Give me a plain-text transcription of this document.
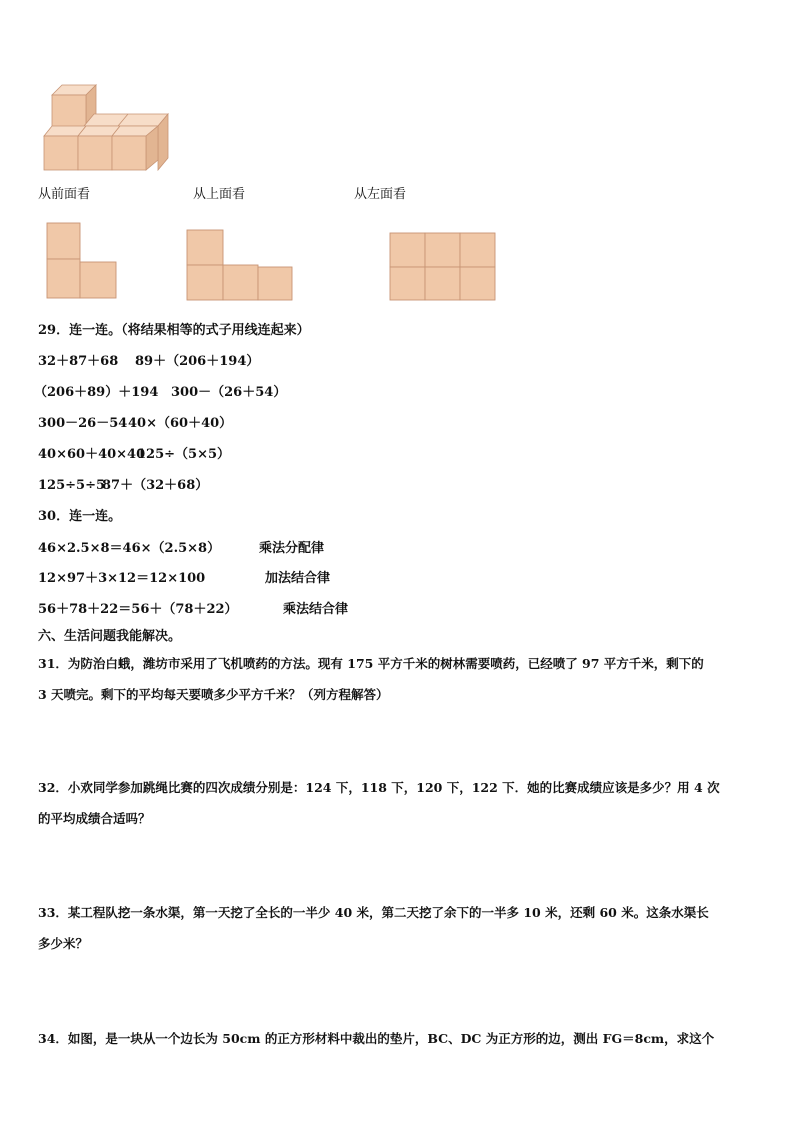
从前面看	从上面看	从左面看
29．连一连。（将结果相等的式子用线连起来）
32＋87＋68 89＋（206＋194）
（206＋89）＋194 300－（26＋54）
300－26－54 40×（60＋40）
40×60＋40×40
125÷（5×5）
125÷5÷5
87＋（32＋68）
30．连一连。
46×2.5×8＝46×（2.5×8）	乘法分配律
12×97＋3×12＝12×100	加法结合律
56＋78＋22＝56＋（78＋22）	乘法结合律
六、生活问题我能解决。
31．为防治白蛾，潍坊市采用了飞机喷药的方法。现有 175 平方千米的树林需要喷药，已经喷了 97 平方千米，剩下的
3 天喷完。剩下的平均每天要喷多少平方千米？（列方程解答）
32．小欢同学参加跳绳比赛的四次成绩分别是：124 下，118 下，120 下，122 下．她的比赛成绩应该是多少？用 4 次
的平均成绩合适吗？
33．某工程队挖一条水渠，第一天挖了全长的一半少 40 米，第二天挖了余下的一半多 10 米，还剩 60 米。这条水渠长
多少米？
34．如图，是一块从一个边长为 50cm 的正方形材料中裁出的垫片，BC、DC 为正方形的边，测出 FG＝8cm，求这个
